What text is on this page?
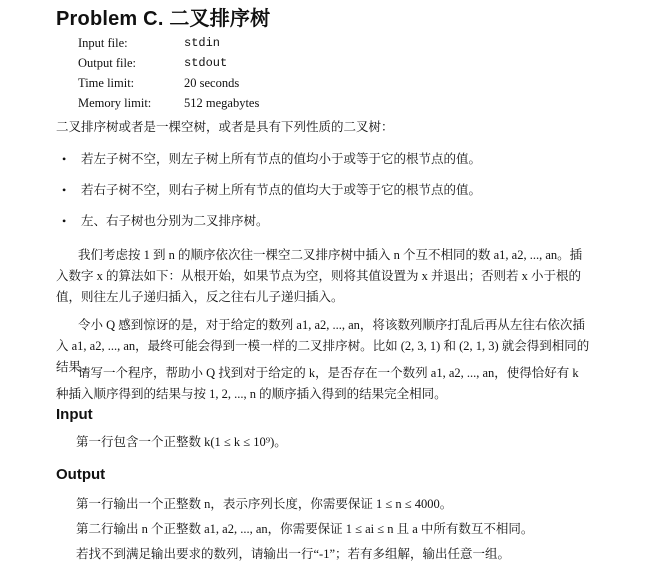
Problem C. 二叉排序树
Input file:	stdin
Output file:	stdout
Time limit:	20 seconds
Memory limit:	512 megabytes

二叉排序树或者是一棵空树，或者是具有下列性质的二叉树：

•	若左子树不空，则左子树上所有节点的值均小于或等于它的根节点的值。
•	若右子树不空，则右子树上所有节点的值均大于或等于它的根节点的值。
•	左、右子树也分别为二叉排序树。

我们考虑按 1 到 n 的顺序依次往一棵空二叉排序树中插入 n 个互不相同的数 a1, a2, ..., an。插入数字 x 的算法如下：从根开始，如果节点为空，则将其值设置为 x 并退出；否则若 x 小于根的值，则往左儿子递归插入，反之往右儿子递归插入。

令小 Q 感到惊讶的是，对于给定的数列 a1, a2, ..., an，将该数列顺序打乱后再从左往右依次插入 a1, a2, ..., an，最终可能会得到一模一样的二叉排序树。比如 (2, 3, 1) 和 (2, 1, 3) 就会得到相同的结果。

请写一个程序，帮助小 Q 找到对于给定的 k，是否存在一个数列 a1, a2, ..., an，使得恰好有 k 种插入顺序得到的结果与按 1, 2, ..., n 的顺序插入得到的结果完全相同。

Input

第一行包含一个正整数 k(1 ≤ k ≤ 10⁹)。

Output

第一行输出一个正整数 n，表示序列长度，你需要保证 1 ≤ n ≤ 4000。

第二行输出 n 个正整数 a1, a2, ..., an，你需要保证 1 ≤ ai ≤ n 且 a 中所有数互不相同。

若找不到满足输出要求的数列，请输出一行“-1”；若有多组解，输出任意一组。
